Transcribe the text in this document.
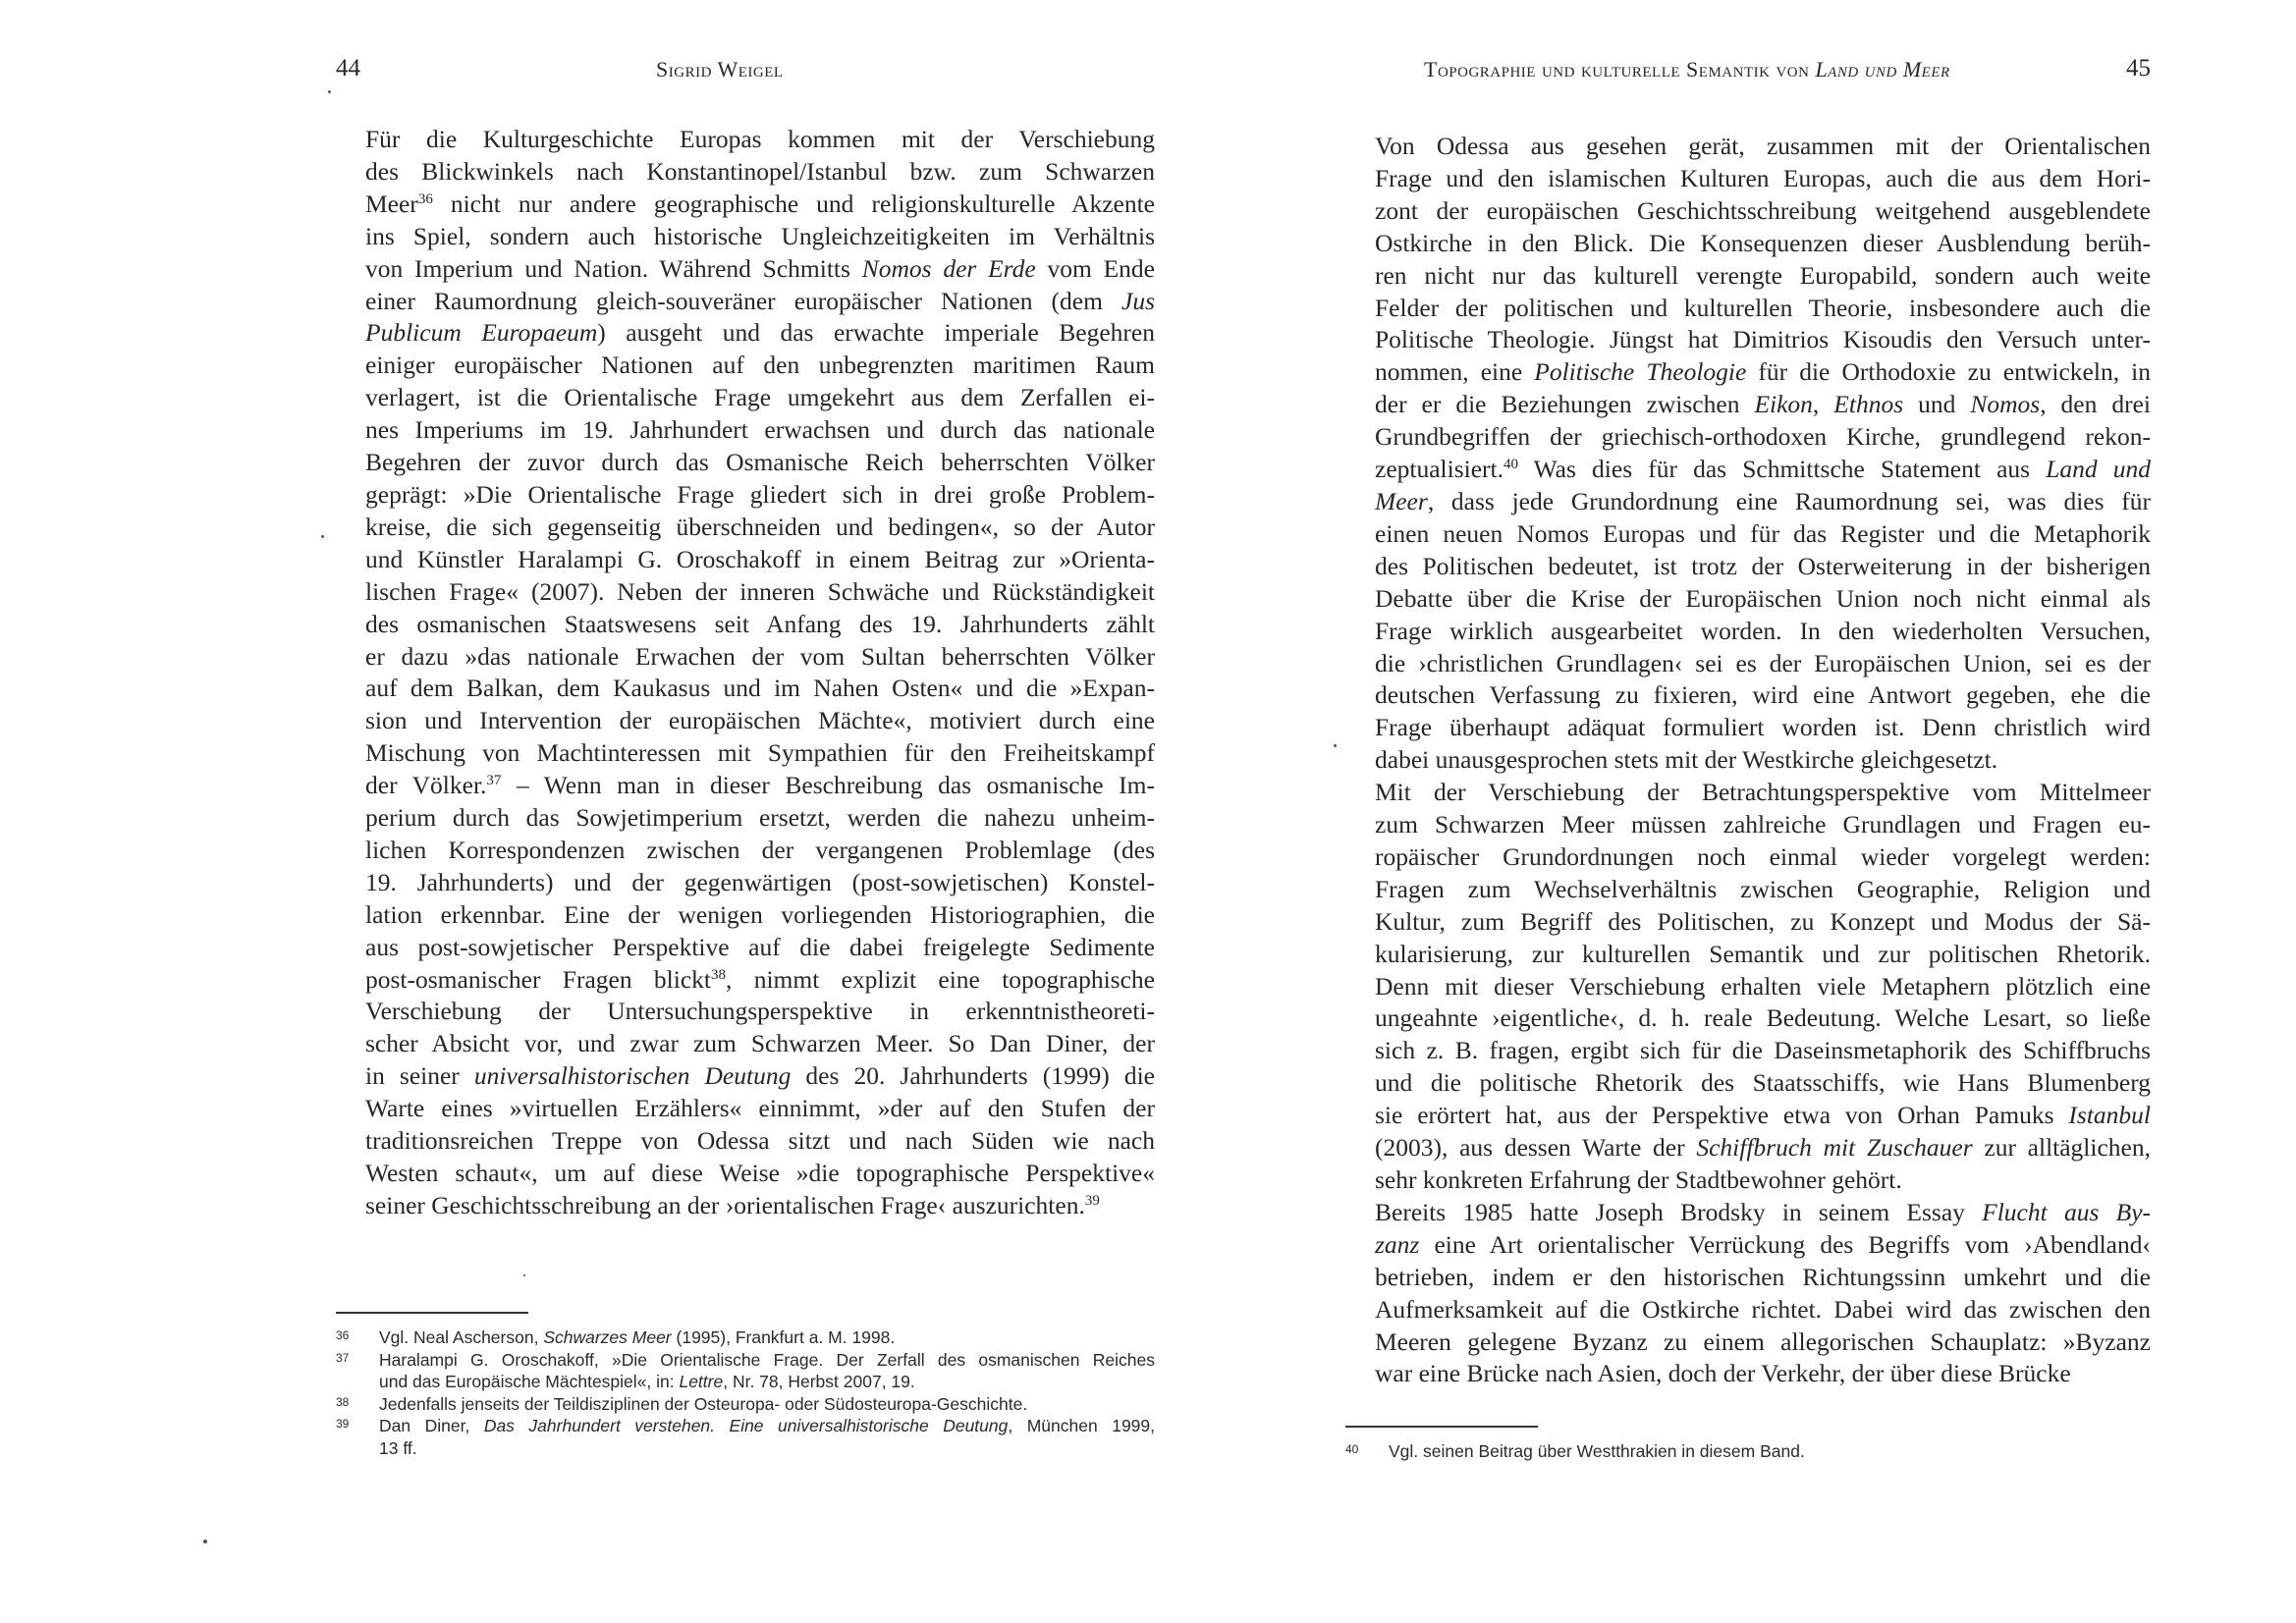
44	Sigrid Weigel
Für die Kulturgeschichte Europas kommen mit der Verschiebung
des Blickwinkels nach Konstantinopel/Istanbul bzw. zum Schwarzen
Meer$^{36}$ nicht nur andere geographische und religionskulturelle Akzente
ins Spiel, sondern auch historische Ungleichzeitigkeiten im Verhältnis
von Imperium und Nation. Während Schmitts Nomos der Erde vom Ende
einer Raumordnung gleich-souveräner europäischer Nationen (dem Jus
Publicum Europaeum) ausgeht und das erwachte imperiale Begehren
einiger europäischer Nationen auf den unbegrenzten maritimen Raum
verlagert, ist die Orientalische Frage umgekehrt aus dem Zerfallen ei-
nes Imperiums im 19. Jahrhundert erwachsen und durch das nationale
Begehren der zuvor durch das Osmanische Reich beherrschten Völker
geprägt: »Die Orientalische Frage gliedert sich in drei große Problem-
kreise, die sich gegenseitig überschneiden und bedingen«, so der Autor
und Künstler Haralampi G. Oroschakoff in einem Beitrag zur »Orienta-
lischen Frage« (2007). Neben der inneren Schwäche und Rückständigkeit
des osmanischen Staatswesens seit Anfang des 19. Jahrhunderts zählt
er dazu »das nationale Erwachen der vom Sultan beherrschten Völker
auf dem Balkan, dem Kaukasus und im Nahen Osten« und die »Expan-
sion und Intervention der europäischen Mächte«, motiviert durch eine
Mischung von Machtinteressen mit Sympathien für den Freiheitskampf
der Völker.$^{37}$ – Wenn man in dieser Beschreibung das osmanische Im-
perium durch das Sowjetimperium ersetzt, werden die nahezu unheim-
lichen Korrespondenzen zwischen der vergangenen Problemlage (des
19. Jahrhunderts) und der gegenwärtigen (post-sowjetischen) Konstel-
lation erkennbar. Eine der wenigen vorliegenden Historiographien, die
aus post-sowjetischer Perspektive auf die dabei freigelegte Sedimente
post-osmanischer Fragen blickt$^{38}$, nimmt explizit eine topographische
Verschiebung der Untersuchungsperspektive in erkenntnistheoreti-
scher Absicht vor, und zwar zum Schwarzen Meer. So Dan Diner, der
in seiner universalhistorischen Deutung des 20. Jahrhunderts (1999) die
Warte eines »virtuellen Erzählers« einnimmt, »der auf den Stufen der
traditionsreichen Treppe von Odessa sitzt und nach Süden wie nach
Westen schaut«, um auf diese Weise »die topographische Perspektive«
seiner Geschichtsschreibung an der ›orientalischen Frage‹ auszurichten.$^{39}$
36 Vgl. Neal Ascherson, Schwarzes Meer (1995), Frankfurt a. M. 1998.
37 Haralampi G. Oroschakoff, »Die Orientalische Frage. Der Zerfall des osmanischen Reiches
und das Europäische Mächtespiel«, in: Lettre, Nr. 78, Herbst 2007, 19.
38 Jedenfalls jenseits der Teildisziplinen der Osteuropa- oder Südosteuropa-Geschichte.
39 Dan Diner, Das Jahrhundert verstehen. Eine universalhistorische Deutung, München 1999,
13 ff.
Topographie und kulturelle Semantik von Land und Meer	45
Von Odessa aus gesehen gerät, zusammen mit der Orientalischen
Frage und den islamischen Kulturen Europas, auch die aus dem Hori-
zont der europäischen Geschichtsschreibung weitgehend ausgeblendete
Ostkirche in den Blick. Die Konsequenzen dieser Ausblendung berüh-
ren nicht nur das kulturell verengte Europabild, sondern auch weite
Felder der politischen und kulturellen Theorie, insbesondere auch die
Politische Theologie. Jüngst hat Dimitrios Kisoudis den Versuch unter-
nommen, eine Politische Theologie für die Orthodoxie zu entwickeln, in
der er die Beziehungen zwischen Eikon, Ethnos und Nomos, den drei
Grundbegriffen der griechisch-orthodoxen Kirche, grundlegend rekon-
zeptualisiert.$^{40}$ Was dies für das Schmittsche Statement aus Land und
Meer, dass jede Grundordnung eine Raumordnung sei, was dies für
einen neuen Nomos Europas und für das Register und die Metaphorik
des Politischen bedeutet, ist trotz der Osterweiterung in der bisherigen
Debatte über die Krise der Europäischen Union noch nicht einmal als
Frage wirklich ausgearbeitet worden. In den wiederholten Versuchen,
die ›christlichen Grundlagen‹ sei es der Europäischen Union, sei es der
deutschen Verfassung zu fixieren, wird eine Antwort gegeben, ehe die
Frage überhaupt adäquat formuliert worden ist. Denn christlich wird
dabei unausgesprochen stets mit der Westkirche gleichgesetzt.
Mit der Verschiebung der Betrachtungsperspektive vom Mittelmeer
zum Schwarzen Meer müssen zahlreiche Grundlagen und Fragen eu-
ropäischer Grundordnungen noch einmal wieder vorgelegt werden:
Fragen zum Wechselverhältnis zwischen Geographie, Religion und
Kultur, zum Begriff des Politischen, zu Konzept und Modus der Sä-
kularisierung, zur kulturellen Semantik und zur politischen Rhetorik.
Denn mit dieser Verschiebung erhalten viele Metaphern plötzlich eine
ungeahnte ›eigentliche‹, d. h. reale Bedeutung. Welche Lesart, so ließe
sich z. B. fragen, ergibt sich für die Daseinsmetaphorik des Schiffbruchs
und die politische Rhetorik des Staatsschiffs, wie Hans Blumenberg
sie erörtert hat, aus der Perspektive etwa von Orhan Pamuks Istanbul
(2003), aus dessen Warte der Schiffbruch mit Zuschauer zur alltäglichen,
sehr konkreten Erfahrung der Stadtbewohner gehört.
Bereits 1985 hatte Joseph Brodsky in seinem Essay Flucht aus By-
zanz eine Art orientalischer Verrückung des Begriffs vom ›Abendland‹
betrieben, indem er den historischen Richtungssinn umkehrt und die
Aufmerksamkeit auf die Ostkirche richtet. Dabei wird das zwischen den
Meeren gelegene Byzanz zu einem allegorischen Schauplatz: »Byzanz
war eine Brücke nach Asien, doch der Verkehr, der über diese Brücke
40 Vgl. seinen Beitrag über Westthrakien in diesem Band.
